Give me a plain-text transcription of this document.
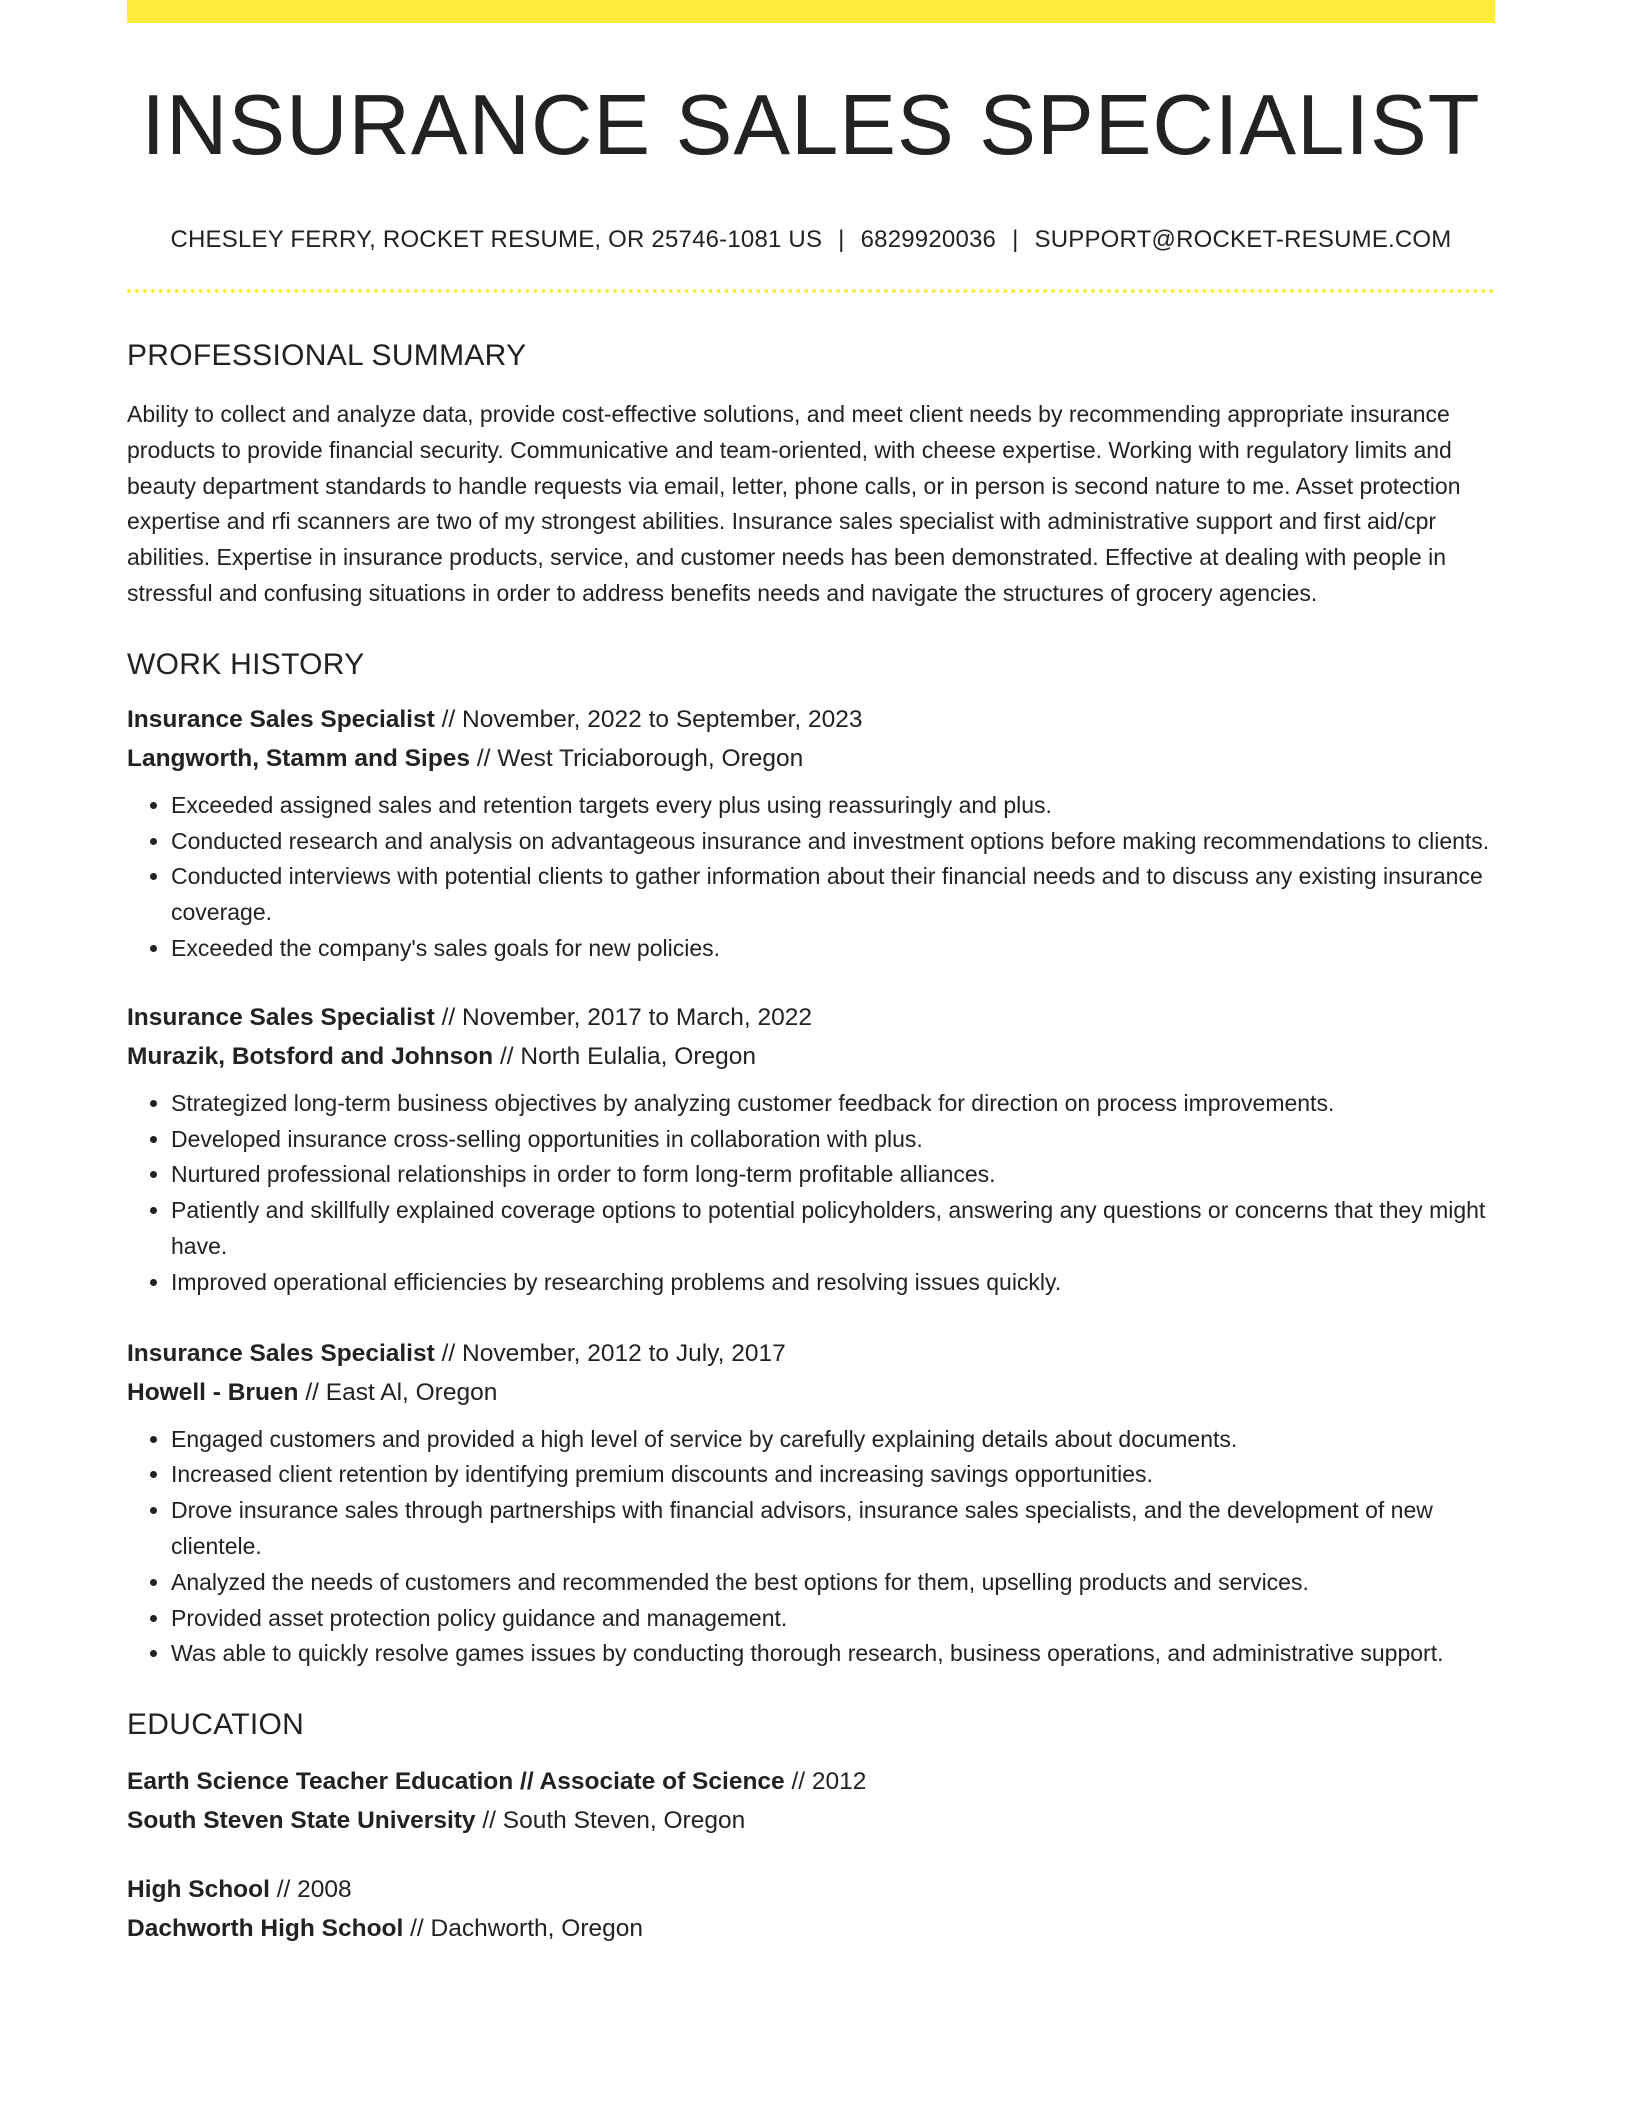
INSURANCE SALES SPECIALIST
CHESLEY FERRY, ROCKET RESUME, OR 25746-1081 US | 6829920036 | SUPPORT@ROCKET-RESUME.COM
PROFESSIONAL SUMMARY

Ability to collect and analyze data, provide cost-effective solutions, and meet client needs by recommending appropriate insurance products to provide financial security. Communicative and team-oriented, with cheese expertise. Working with regulatory limits and beauty department standards to handle requests via email, letter, phone calls, or in person is second nature to me. Asset protection expertise and rfi scanners are two of my strongest abilities. Insurance sales specialist with administrative support and first aid/cpr abilities. Expertise in insurance products, service, and customer needs has been demonstrated. Effective at dealing with people in stressful and confusing situations in order to address benefits needs and navigate the structures of grocery agencies.

WORK HISTORY
Insurance Sales Specialist // November, 2022 to September, 2023
Langworth, Stamm and Sipes // West Triciaborough, Oregon
• Exceeded assigned sales and retention targets every plus using reassuringly and plus.
• Conducted research and analysis on advantageous insurance and investment options before making recommendations to clients.
• Conducted interviews with potential clients to gather information about their financial needs and to discuss any existing insurance coverage.
• Exceeded the company's sales goals for new policies.
Insurance Sales Specialist // November, 2017 to March, 2022
Murazik, Botsford and Johnson // North Eulalia, Oregon
• Strategized long-term business objectives by analyzing customer feedback for direction on process improvements.
• Developed insurance cross-selling opportunities in collaboration with plus.
• Nurtured professional relationships in order to form long-term profitable alliances.
• Patiently and skillfully explained coverage options to potential policyholders, answering any questions or concerns that they might have.
• Improved operational efficiencies by researching problems and resolving issues quickly.
Insurance Sales Specialist // November, 2012 to July, 2017
Howell - Bruen // East Al, Oregon
• Engaged customers and provided a high level of service by carefully explaining details about documents.
• Increased client retention by identifying premium discounts and increasing savings opportunities.
• Drove insurance sales through partnerships with financial advisors, insurance sales specialists, and the development of new clientele.
• Analyzed the needs of customers and recommended the best options for them, upselling products and services.
• Provided asset protection policy guidance and management.
• Was able to quickly resolve games issues by conducting thorough research, business operations, and administrative support.
EDUCATION
Earth Science Teacher Education // Associate of Science // 2012
South Steven State University // South Steven, Oregon
High School // 2008
Dachworth High School // Dachworth, Oregon
